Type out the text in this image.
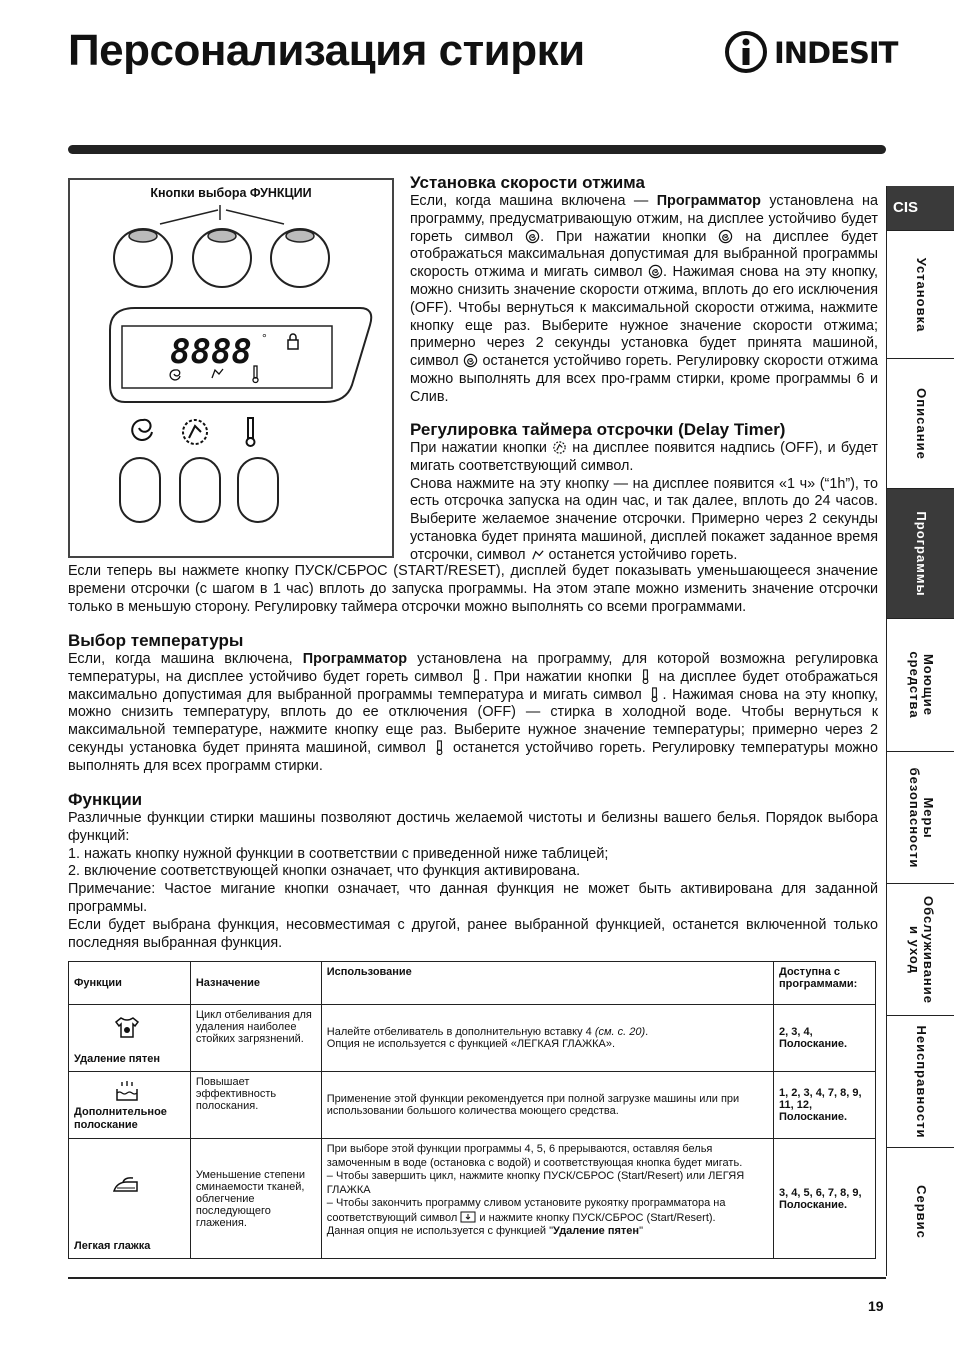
Персонализация стирки	INDESIT
Кнопки выбора ФУНКЦИИ
8888 °
Установка скорости отжима
Если, когда машина включена — Программатор установлена на программу, предусматривающую отжим, на дисплее устойчиво будет гореть символ . При нажатии кнопки  на дисплее будет отображаться максимальная допустимая для выбранной программы скорость отжима и мигать символ . Нажимая снова на эту кнопку, можно снизить значение скорости отжима, вплоть до его исключения (OFF). Чтобы вернуться к максимальной скорости отжима, нажмите кнопку еще раз. Выберите нужное значение скорости отжима; примерно через 2 секунды установка будет принята машиной, символ  останется устойчиво гореть. Регулировку скорости отжима можно выполнять для всех про-грамм стирки, кроме программы 6 и Слив.
Регулировка таймера отсрочки (Delay Timer)
При нажатии кнопки  на дисплее появится надпись (OFF), и будет мигать соответствующий символ.
Снова нажмите на эту кнопку — на дисплее появится «1 ч» (“1h”), то есть отсрочка запуска на один час, и так далее, вплоть до 24 часов. Выберите желаемое значение отсрочки. Примерно через 2 секунды установка будет принята машиной, дисплей покажет заданное время отсрочки, символ  останется устойчиво гореть.
Если теперь вы нажмете кнопку ПУСК/СБРОС (START/RESET), дисплей будет показывать уменьшающееся значение времени отсрочки (с шагом в 1 час) вплоть до запуска программы. На этом этапе можно изменить значение отсрочки только в меньшую сторону. Регулировку таймера отсрочки можно выполнять со всеми программами.
Выбор температуры
Если, когда машина включена, Программатор установлена на программу, для которой возможна регулировка температуры, на дисплее устойчиво будет гореть символ . При нажатии кнопки  на дисплее будет отображаться максимально допустимая для выбранной программы температура и мигать символ . Нажимая снова на эту кнопку, можно снизить температуру, вплоть до ее отключения (OFF) — стирка в холодной воде. Чтобы вернуться к максимальной температуре, нажмите кнопку еще раз. Выберите нужное значение температуры; примерно через 2 секунды установка будет принята машиной, символ  останется устойчиво гореть. Регулировку температуры можно выполнять для всех программ стирки.
Функции
Различные функции стирки машины позволяют достичь желаемой чистоты и белизны вашего белья. Порядок выбора функций:
1. нажать кнопку нужной функции в соответствии с приведенной ниже таблицей;
2. включение соответствующей кнопки означает, что функция активирована.
Примечание: Частое мигание кнопки означает, что данная функция не может быть активирована для заданной программы.
Если будет выбрана функция, несовместимая с другой, ранее выбранной функцией, останется включенной только последняя выбранная функция.
Функции	Назначение	Использование	Доступна с программами:

Удаление пятен	Цикл отбеливания для удаления наиболее стойких загрязнений.	Налейте отбеливатель в дополнительную вставку 4 (см. с. 20).
Опция не используется с функцией «ЛЕГКАЯ ГЛАЖКА».	2, 3, 4, Полоскание.

Дополнительное полоскание	Повышает эффективность полоскания.	Применение этой функции рекомендуется при полной загрузке машины или при использовании большого количества моющего средства.	1, 2, 3, 4, 7, 8, 9, 11, 12, Полоскание.

Легкая глажка	Уменьшение степени сминаемости тканей, облегчение последующего глажения.	При выборе этой функции программы 4, 5, 6 прерываются, оставляя белья замоченным в воде (остановка с водой) и соответствующая кнопка будет мигать.
– Чтобы завершить цикл, нажмите кнопку ПУСК/СБРОС (Start/Resert) или ЛЕГЯЯ ГЛАЖКА
– Чтобы закончить программу сливом установите рукоятку программатора на соответствующий символ  и нажмите кнопку ПУСК/СБРОС (Start/Resert).
Данная опция не используется с функцией "Удаление пятен"	3, 4, 5, 6, 7, 8, 9, Полоскание.
19
CIS
Установка
Описание
Программы
Моющие средства
Меры безопасности
Обслуживание и уход
Неисправности
Сервис
